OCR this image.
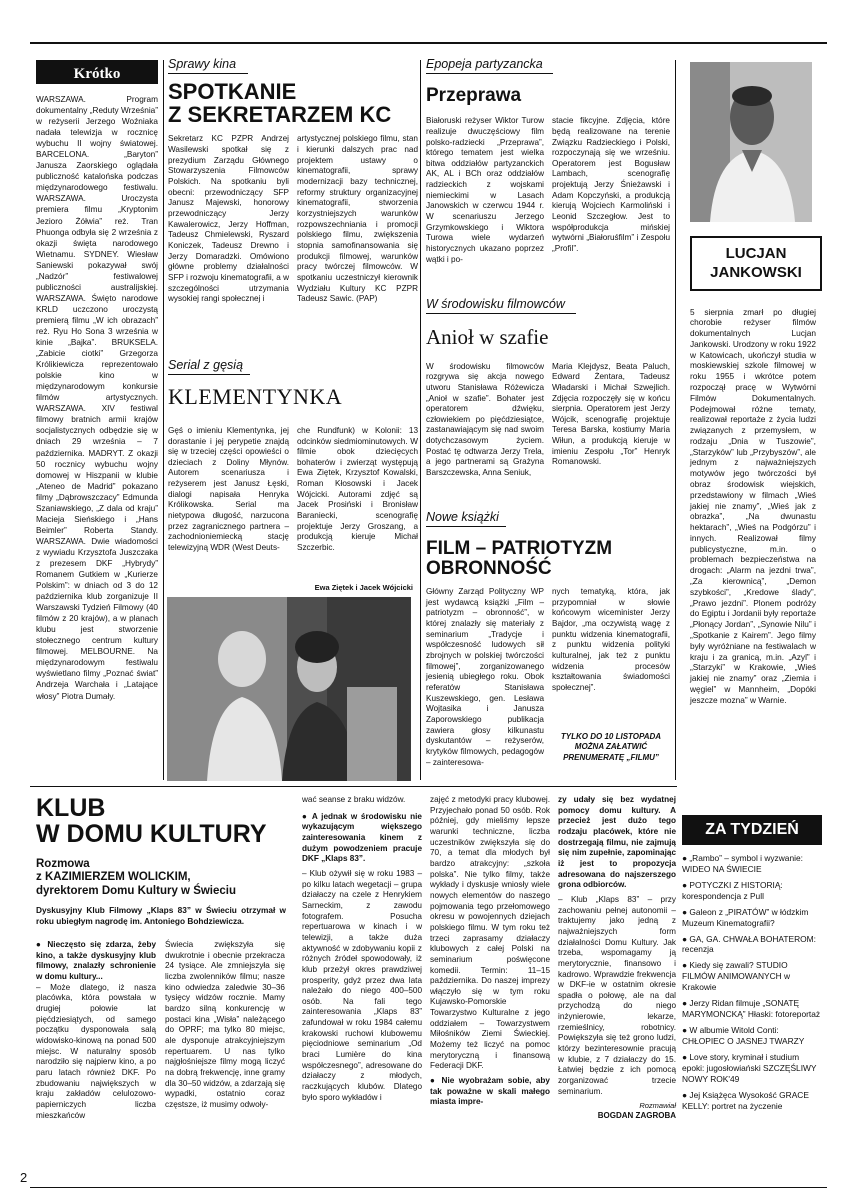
Krótko
WARSZAWA. Program dokumentalny „Reduty Września” w reżyserii Jerzego Woźniaka nadała telewizja w rocznicę wybuchu II wojny światowej. BARCELONA. „Baryton” Janusza Zaorskiego oglądała publiczność katalońska podczas międzynarodowego festiwalu. WARSZAWA. Uroczysta premiera filmu „Kryptonim Jezioro Żółwia” reż. Tran Phuonga odbyła się 2 września z okazji święta narodowego Wietnamu. SYDNEY. Wiesław Saniewski pokazywał swój „Nadzór” festiwalowej publiczności australijskiej. WARSZAWA. Święto narodowe KRLD uczczono uroczystą premierą filmu „W ich obrazach” reż. Ryu Ho Sona 3 września w kinie „Bajka”. BRUKSELA. „Zabicie ciotki” Grzegorza Królikiewicza reprezentowało polskie kino w międzynarodowym konkursie filmów artystycznych. WARSZAWA. XIV festiwal filmowy bratnich armii krajów socjalistycznych odbędzie się w dniach 29 września – 7 października. MADRYT. Z okazji 50 rocznicy wybuchu wojny domowej w Hiszpanii w klubie „Ateneo de Madrid” pokazano filmy „Dąbrowszczacy” Edmunda Szaniawskiego, „Z dala od kraju” Macieja Sieńskiego i „Hans Beimler” Roberta Standy. WARSZAWA. Dwie wiadomości z wywiadu Krzysztofa Juszczaka z prezesem DKF „Hybrydy” Romanem Gutkiem w „Kurierze Polskim”: w dniach od 3 do 12 października klub zorganizuje II Warszawski Tydzień Filmowy (40 filmów z 20 krajów), a w planach klubu jest stworzenie stołecznego centrum kultury filmowej. MELBOURNE. Na międzynarodowym festiwalu wyświetlano filmy „Poznać świat” Andrzeja Warchała i „Latające włosy” Piotra Dumały.
Sprawy kina
SPOTKANIE
Z SEKRETARZEM KC
Sekretarz KC PZPR Andrzej Wasilewski spotkał się z prezydium Zarządu Głównego Stowarzyszenia Filmowców Polskich. Na spotkaniu byli obecni: przewodniczący SFP Janusz Majewski, honorowy przewodniczący Jerzy Kawalerowicz, Jerzy Hoffman, Tadeusz Chmielewski, Ryszard Koniczek, Tadeusz Drewno i Jerzy Domaradzki. Omówiono główne problemy działalności SFP i rozwoju kinematografii, a w szczególności utrzymania wysokiej rangi społecznej i
artystycznej polskiego filmu, stan i kierunki dalszych prac nad projektem ustawy o kinematografii, sprawy modernizacji bazy technicznej, reformy struktury organizacyjnej kinematografii, stworzenia korzystniejszych warunków rozpowszechniania i promocji polskiego filmu, zwiększenia stopnia samofinansowania się produkcji filmowej, warunków pracy twórczej filmowców. W spotkaniu uczestniczył kierownik Wydziału Kultury KC PZPR Tadeusz Sawic. (PAP)
Serial z gęsią
KLEMENTYNKA
Gęś o imieniu Klementynka, jej dorastanie i jej perypetie znajdą się w trzeciej części opowieści o dzieciach z Doliny Młynów. Autorem scenariusza i reżyserem jest Janusz Łęski, dialogi napisała Henryka Królikowska. Serial ma nietypowa długość, narzucona przez zagranicznego partnera – zachodnioniemiecką stację telewizyjną WDR (West Deuts-
che Rundfunk) w Kolonii: 13 odcinków siedmiominutowych. W filmie obok dziecięcych bohaterów i zwierząt występują Ewa Ziętek, Krzysztof Kowalski, Roman Kłosowski i Jacek Wójcicki. Autorami zdjęć są Jacek Prosiński i Bronisław Baraniecki, scenografię projektuje Jerzy Groszang, a produkcją kieruje Michał Szczerbic.
Ewa Ziętek i Jacek Wójcicki
Epopeja partyzancka
Przeprawa
Białoruski reżyser Wiktor Turow realizuje dwuczęściowy film polsko-radziecki „Przeprawa”, którego tematem jest wielka bitwa oddziałów partyzanckich AK, AL i BCh oraz oddziałów radzieckich z wojskami niemieckimi w Lasach Janowskich w czerwcu 1944 r. W scenariuszu Jerzego Grzymkowskiego i Wiktora Turowa wiele wydarzeń historycznych ukazano poprzez wątki i po-
stacie fikcyjne. Zdjęcia, które będą realizowane na terenie Związku Radzieckiego i Polski, rozpoczynają się we wrześniu. Operatorem jest Bogusław Lambach, scenografię projektują Jerzy Śnieżawski i Adam Kopczyński, a produkcją kierują Wojciech Karmoliński i Leonid Szczegłow. Jest to współprodukcja mińskiej wytwórni „Białoruśfilm” i Zespołu „Profil”.
W środowisku filmowców
Anioł w szafie
W środowisku filmowców rozgrywa się akcja nowego utworu Stanisława Różewicza „Anioł w szafie”. Bohater jest operatorem dźwięku, człowiekiem po pięćdziesiątce, zastanawiającym się nad swoim dotychczasowym życiem. Postać tę odtwarza Jerzy Trela, a jego partnerami są Grażyna Barszczewska, Anna Seniuk,
Maria Klejdysz, Beata Paluch, Edward Żentara, Tadeusz Władarski i Michał Szwejlich. Zdjęcia rozpoczęły się w końcu sierpnia. Operatorem jest Jerzy Wójcik, scenografię projektuje Teresa Barska, kostiumy Maria Wiłun, a produkcją kieruje w imieniu Zespołu „Tor” Henryk Romanowski.
Nowe książki
FILM – PATRIOTYZM
OBRONNOŚĆ
Główny Zarząd Polityczny WP jest wydawcą książki „Film – patriotyzm – obronność”, w której znalazły się materiały z seminarium „Tradycje i współczesność ludowych sił zbrojnych w polskiej twórczości filmowej”, zorganizowanego jesienią ubiegłego roku. Obok referatów Stanisława Kuszewskiego, gen. Lesława Wojtasika i Janusza Zaporowskiego publikacja zawiera głosy kilkunastu dyskutantów – reżyserów, krytyków filmowych, pedagogów – zainteresowa-
nych tematyką, która, jak przypomniał w słowie końcowym wiceminister Jerzy Bajdor, „ma oczywistą wagę z punktu widzenia kinematografii, z punktu widzenia polityki kulturalnej, jak też z punktu widzenia procesów kształtowania świadomości społecznej”.
TYLKO DO 10 LISTOPADA
MOŻNA ZAŁATWIĆ
PRENUMERATĘ „FILMU”
LUCJAN
JANKOWSKI
5 sierpnia zmarł po długiej chorobie reżyser filmów dokumentalnych Lucjan Jankowski. Urodzony w roku 1922 w Katowicach, ukończył studia w moskiewskiej szkole filmowej w roku 1955 i wkrótce potem rozpoczął pracę w Wytwórni Filmów Dokumentalnych. Podejmował różne tematy, realizował reportaże z życia ludzi związanych z przemysłem, w rodzaju „Dnia w Tuszowie”, „Starzyków” lub „Przybyszów”, ale jednym z najważniejszych motywów jego twórczości był obraz środowisk wiejskich, przedstawiony w filmach „Wieś jakiej nie znamy”, „Wieś jak z obrazka”, „Na dwunastu hektarach”, „Wieś na Podgórzu” i innych. Realizował filmy publicystyczne, m.in. o problemach bezpieczeństwa na drogach: „Alarm na jezdni trwa”, „Za kierownicą”, „Demon szybkości”, „Kredowe ślady”, „Prawo jezdni”. Plonem podróży do Egiptu i Jordanii były reportaże „Płonący Jordan”, „Synowie Nilu” i „Spotkanie z Kairem”. Jego filmy były wyróżniane na festiwalach w kraju i za granicą, m.in. „Azyl” i „Starzyki” w Krakowie, „Wieś jakiej nie znamy” oraz „Ziemia i węgiel” w Mannheim, „Dopóki jeszcze mozna” w Warnie.
KLUB
W DOMU KULTURY
Rozmowa
z KAZIMIERZEM WOLICKIM,
dyrektorem Domu Kultury w Świeciu
Dyskusyjny Klub Filmowy „Klaps 83” w Świeciu otrzymał w roku ubiegłym nagrodę im. Antoniego Bohdziewicza.
● Nieczęsto się zdarza, żeby kino, a także dyskusyjny klub filmowy, znalazły schronienie w domu kultury...
– Może dlatego, iż nasza placówka, która powstała w drugiej połowie lat pięćdziesiątych, od samego początku dysponowała salą widowisko-kinową na ponad 500 miejsc. W naturalny sposób narodziło się najpierw kino, a po paru latach również DKF. Po zbudowaniu największych w kraju zakładów celulozowo-papierniczych liczba mieszkańców
Świecia zwiększyła się dwukrotnie i obecnie przekracza 24 tysiące. Ale zmniejszyła się liczba zwolenników filmu; nasze kino odwiedza zaledwie 30–36 tysięcy widzów rocznie. Mamy bardzo silną konkurencję w postaci kina „Wisła” należącego do OPRF; ma tylko 80 miejsc, ale dysponuje atrakcyjniejszym repertuarem. U nas tylko najgłośniejsze filmy mogą liczyć na dobrą frekwencję, inne gramy dla 30–50 widzów, a zdarzają się wypadki, ostatnio coraz częstsze, iż musimy odwoły-
wać seanse z braku widzów.
● A jednak w środowisku nie wykazującym większego zainteresowania kinem z dużym powodzeniem pracuje DKF „Klaps 83”.
– Klub ożywił się w roku 1983 – po kilku latach wegetacji – grupa działaczy na czele z Henrykiem Sarneckim, z zawodu fotografem. Posucha repertuarowa w kinach i w telewizji, a także duża aktywność w zdobywaniu kopii z różnych źródeł spowodowały, iż klub przeżył okres prawdziwej prosperity, gdyż przez dwa lata należało do niego 400–500 osób. Na fali tego zainteresowania „Klaps 83” zafundował w roku 1984 całemu krakowski ruchowi klubowemu pięciodniowe seminarium „Od braci Lumière do kina współczesnego”, adresowane do działaczy z młodych, raczkujących klubów. Dlatego było sporo wykładów i
zajęć z metodyki pracy klubowej. Przyjechało ponad 50 osób. Rok później, gdy mieliśmy lepsze warunki techniczne, liczba uczestników zwiększyła się do 70, a temat dla młodych był bardzo atrakcyjny: „szkoła polska”. Nie tylko filmy, także wykłady i dyskusje wniosły wiele nowych elementów do naszego pojmowania tego przełomowego okresu w powojennych dziejach polskiego filmu. W tym roku też trzeci zaprasamy działaczy klubowych z całej Polski na seminarium poświęcone komedii. Termin: 11–15 października. Do naszej imprezy włączyło się w tym roku Kujawsko-Pomorskie Towarzystwo Kulturalne z jego oddziałem – Towarzystwem Miłośników Ziemi Świeckiej. Możemy też liczyć na pomoc merytoryczną i finansową Federacji DKF.
● Nie wyobrażam sobie, aby tak poważne w skali małego miasta impre-
zy udały się bez wydatnej pomocy domu kultury. A przecież jest dużo tego rodzaju placówek, które nie dostrzegają filmu, nie zajmują się nim zupełnie, zapominając iż jest to propozycja adresowana do najszerszego grona odbiorców.
– Klub „Klaps 83” – przy zachowaniu pełnej autonomii – traktujemy jako jedną z najważniejszych form działalności Domu Kultury. Jak trzeba, wspomagamy ją merytorycznie, finansowo i kadrowo. Wprawdzie frekwencja w DKF-ie w ostatnim okresie spadła o połowę, ale na dal przychodzą do niego inżynierowie, lekarze, rzemieślnicy, robotnicy. Powiększyła się też grono ludzi, którzy bezinteresownie pracują w klubie, z 7 działaczy do 15. Łatwiej będzie z ich pomocą zorganizować trzecie seminarium.
Rozmawiał
BOGDAN ZAGROBA
ZA TYDZIEŃ
● „Rambo” – symbol i wyzwanie: WIDEO NA ŚWIECIE
● POTYCZKI Z HISTORIĄ: korespondencja z Pull
● Galeon z „PIRATÓW” w łódzkim Muzeum Kinematografii?
● GA, GA. CHWAŁA BOHATEROM: recenzja
● Kiedy się zawali? STUDIO FILMÓW ANIMOWANYCH w Krakowie
● Jerzy Ridan filmuje „SONATĘ MARYMONCKĄ” Hłaski: fotoreportaż
● W albumie Witold Conti: CHŁOPIEC O JASNEJ TWARZY
● Love story, kryminał i studium epoki: jugosłowiański SZCZĘŚLIWY NOWY ROK'49
● Jej Książęca Wysokość GRACE KELLY: portret na życzenie
2
